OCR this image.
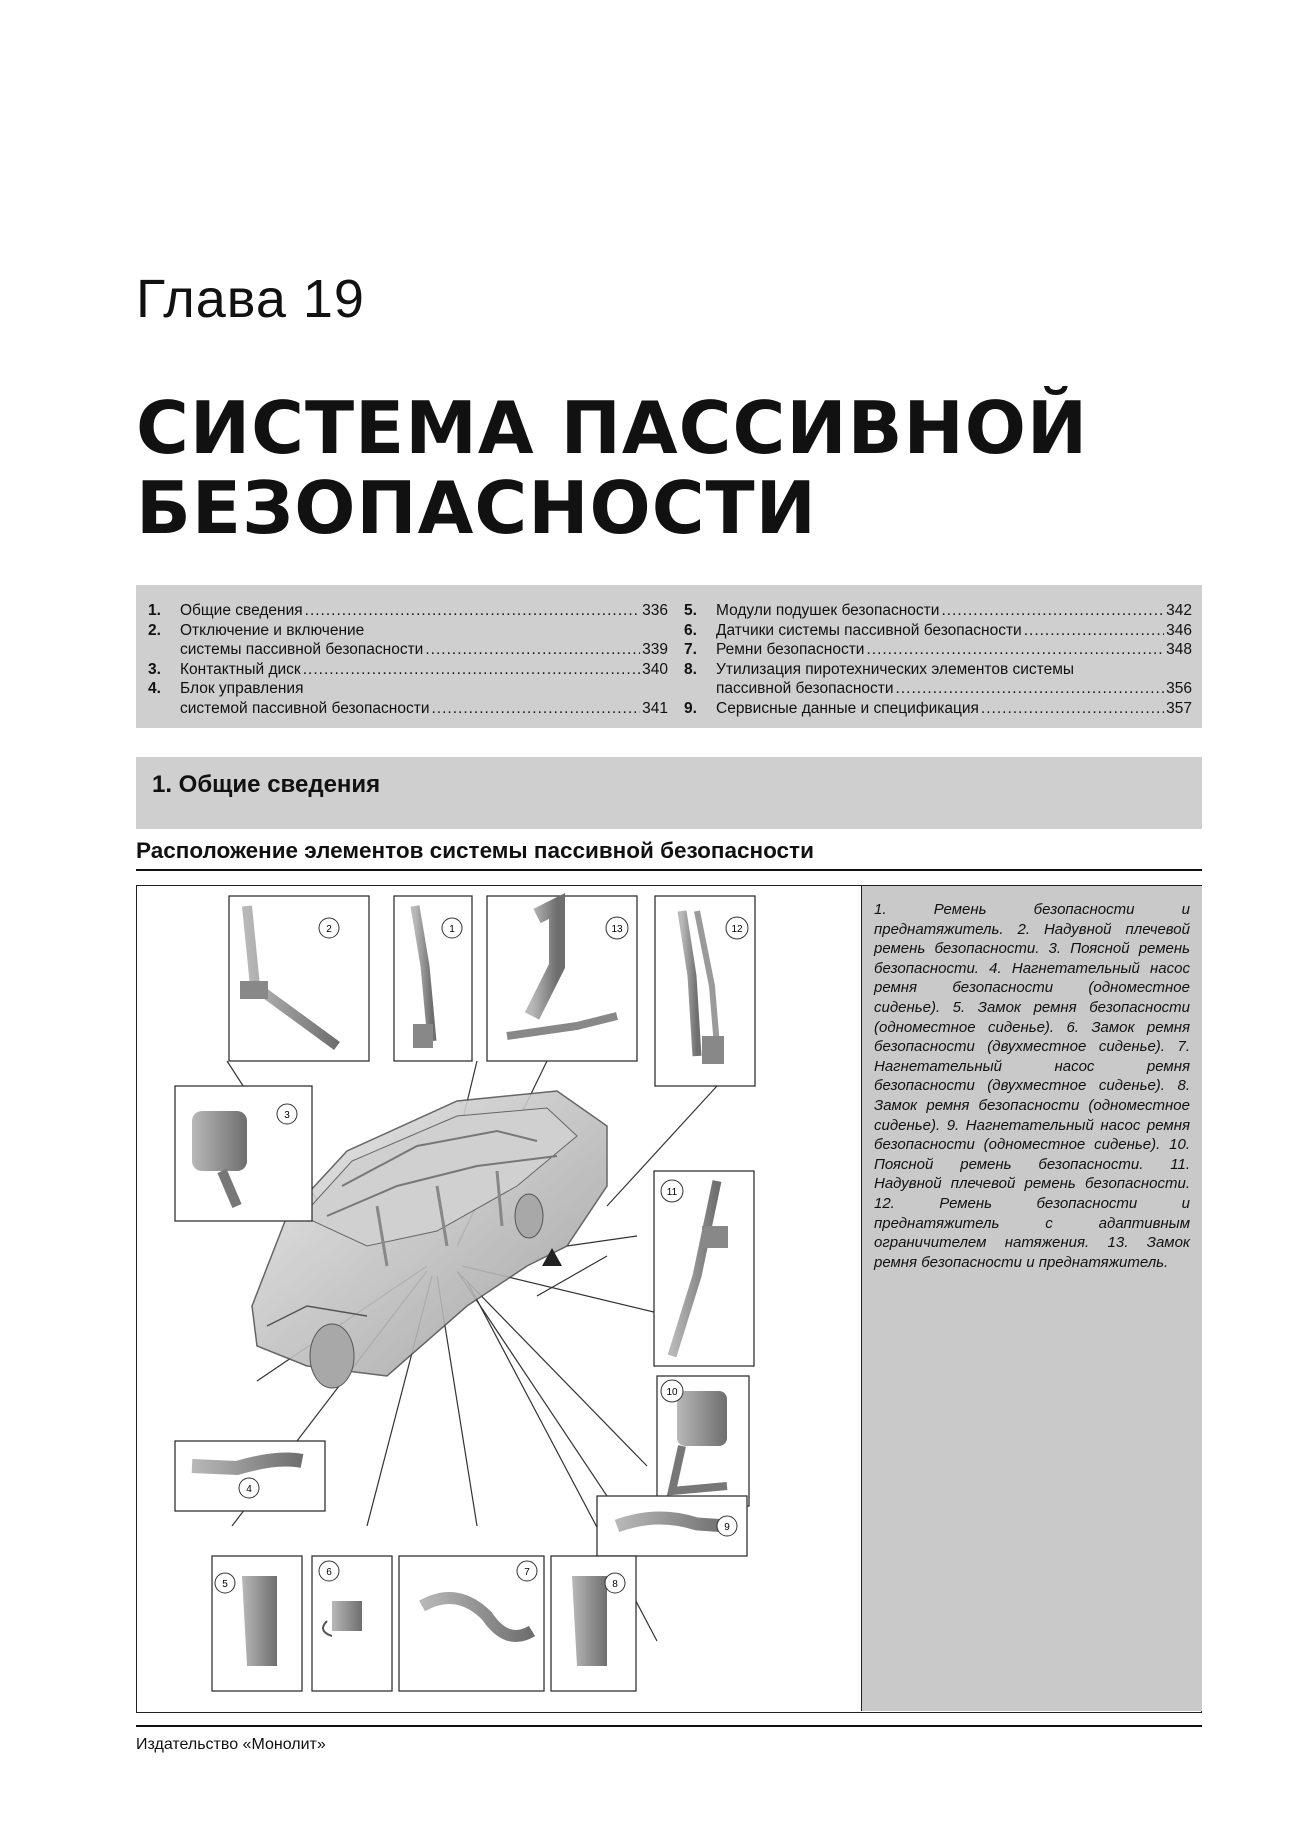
Глава 19
СИСТЕМА ПАССИВНОЙ
БЕЗОПАСНОСТИ
1.	Общие сведения .....	336
2.	Отключение и включение
системы пассивной безопасности .....	339
3.	Контактный диск .....	340
4.	Блок управления
системой пассивной безопасности .....	341
5.	Модули подушек безопасности .....	342
6.	Датчики системы пассивной безопасности .....	346
7.	Ремни безопасности .....	348
8.	Утилизация пиротехнических элементов системы
пассивной безопасности .....	356
9.	Сервисные данные и спецификация .....	357
1. Общие сведения
Расположение элементов системы пассивной безопасности
2	1	13	12
3
11
10
4
9
5
6	7
8

1. Ремень безопасности и преднатяжитель. 2. Надувной плечевой ремень безопасности. 3. Поясной ремень безопасности. 4. Нагнетательный насос ремня безопасности (одноместное сиденье). 5. Замок ремня безопасности (одноместное сиденье). 6. Замок ремня безопасности (двухместное сиденье). 7. Нагнетательный насос ремня безопасности (двухместное сиденье). 8. Замок ремня безопасности (одноместное сиденье). 9. Нагнетательный насос ремня безопасности (одноместное сиденье). 10. Поясной ремень безопасности. 11. Надувной плечевой ремень безопасности. 12. Ремень безопасности и преднатяжитель с адаптивным ограничителем натяжения. 13. Замок ремня безопасности и преднатяжитель.

Издательство «Монолит»
